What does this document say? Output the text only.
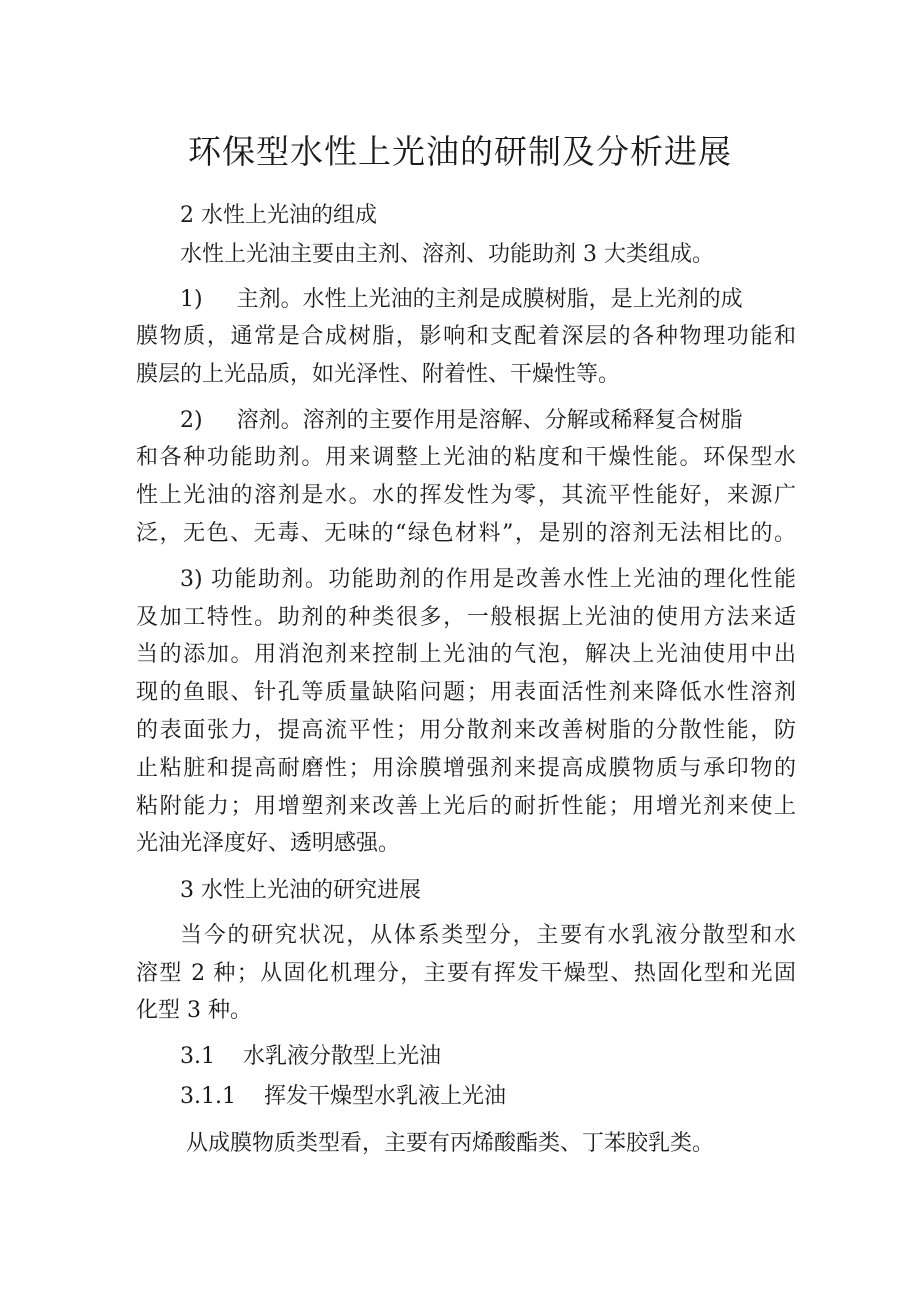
环保型水性上光油的研制及分析进展

2 水性上光油的组成

水性上光油主要由主剂、溶剂、功能助剂 3 大类组成。

1) 主剂。水性上光油的主剂是成膜树脂，是上光剂的成

膜物质，通常是合成树脂，影响和支配着深层的各种物理功能和

膜层的上光品质，如光泽性、附着性、干燥性等。

2) 溶剂。溶剂的主要作用是溶解、分解或稀释复合树脂

和各种功能助剂。用来调整上光油的粘度和干燥性能。环保型水

性上光油的溶剂是水。水的挥发性为零，其流平性能好，来源广

泛，无色、无毒、无味的“绿色材料”，是别的溶剂无法相比的。

3) 功能助剂。功能助剂的作用是改善水性上光油的理化性能

及加工特性。助剂的种类很多，一般根据上光油的使用方法来适

当的添加。用消泡剂来控制上光油的气泡，解决上光油使用中出

现的鱼眼、针孔等质量缺陷问题；用表面活性剂来降低水性溶剂

的表面张力，提高流平性；用分散剂来改善树脂的分散性能，防

止粘脏和提高耐磨性；用涂膜增强剂来提高成膜物质与承印物的

粘附能力；用增塑剂来改善上光后的耐折性能；用增光剂来使上

光油光泽度好、透明感强。

3 水性上光油的研究进展

当今的研究状况，从体系类型分，主要有水乳液分散型和水

溶型 2 种；从固化机理分，主要有挥发干燥型、热固化型和光固

化型 3 种。

3.1 水乳液分散型上光油

3.1.1 挥发干燥型水乳液上光油

从成膜物质类型看，主要有丙烯酸酯类、丁苯胶乳类。
